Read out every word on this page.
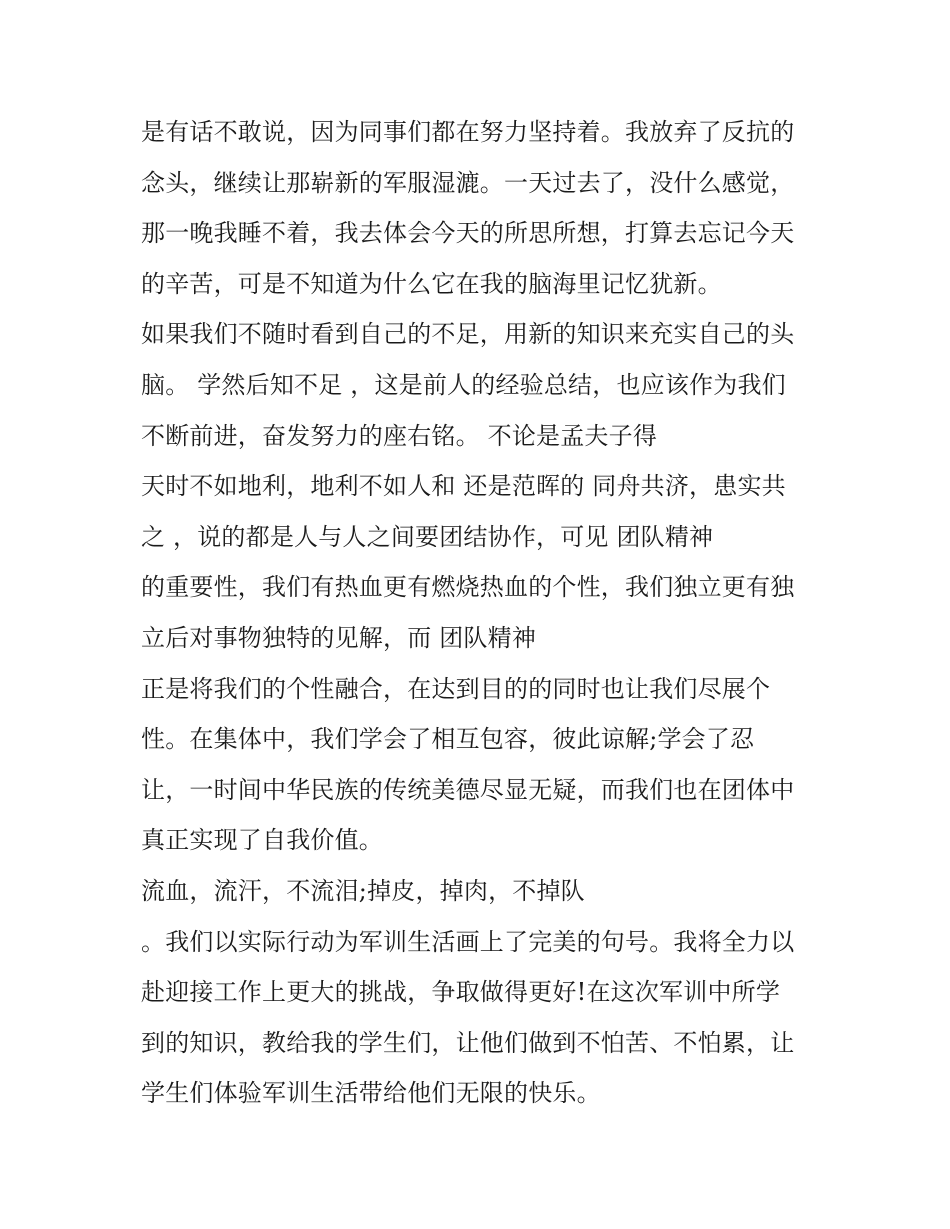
是有话不敢说，因为同事们都在努力坚持着。我放弃了反抗的
念头，继续让那崭新的军服湿漉。一天过去了，没什么感觉，
那一晚我睡不着，我去体会今天的所思所想，打算去忘记今天
的辛苦，可是不知道为什么它在我的脑海里记忆犹新。
如果我们不随时看到自己的不足，用新的知识来充实自己的头
脑。 学然后知不足 ，这是前人的经验总结，也应该作为我们
不断前进，奋发努力的座右铭。 不论是孟夫子得
天时不如地利，地利不如人和 还是范晖的 同舟共济，患实共
之 ，说的都是人与人之间要团结协作，可见 团队精神
的重要性，我们有热血更有燃烧热血的个性，我们独立更有独
立后对事物独特的见解，而 团队精神
正是将我们的个性融合，在达到目的的同时也让我们尽展个
性。在集体中，我们学会了相互包容，彼此谅解;学会了忍
让，一时间中华民族的传统美德尽显无疑，而我们也在团体中
真正实现了自我价值。
流血，流汗，不流泪;掉皮，掉肉，不掉队
。我们以实际行动为军训生活画上了完美的句号。我将全力以
赴迎接工作上更大的挑战，争取做得更好!在这次军训中所学
到的知识，教给我的学生们，让他们做到不怕苦、不怕累，让
学生们体验军训生活带给他们无限的快乐。
